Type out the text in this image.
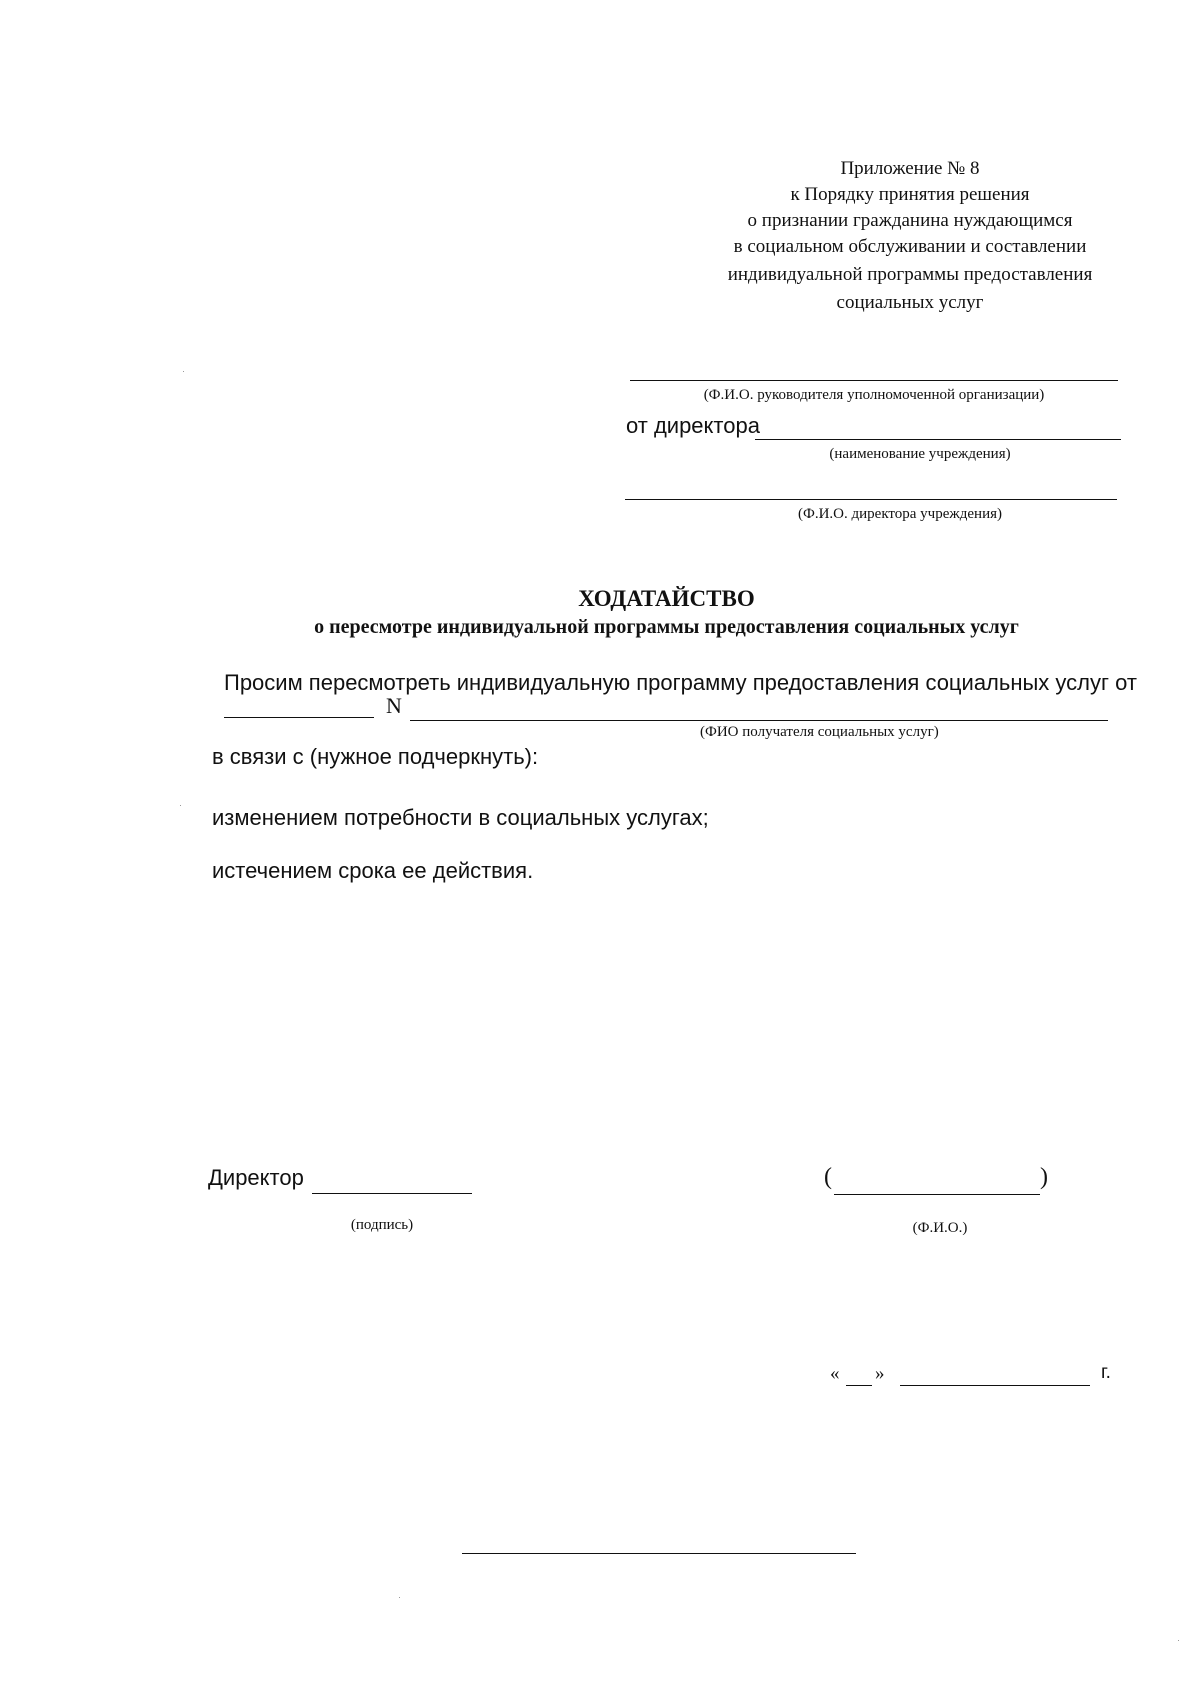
Приложение № 8
к Порядку принятия решения
о признании гражданина нуждающимся
в социальном обслуживании и составлении
индивидуальной программы предоставления
социальных услуг
(Ф.И.О. руководителя уполномоченной организации)
от директора
(наименование учреждения)
(Ф.И.О. директора учреждения)
ХОДАТАЙСТВО
о пересмотре индивидуальной программы предоставления социальных услуг
Просим пересмотреть индивидуальную программу предоставления социальных услуг от
N
(ФИО получателя социальных услуг)
в связи с (нужное подчеркнуть):
изменением потребности в социальных услугах;
истечением срока ее действия.
Директор
(подпись)
(	)
(Ф.И.О.)
« »	г.
